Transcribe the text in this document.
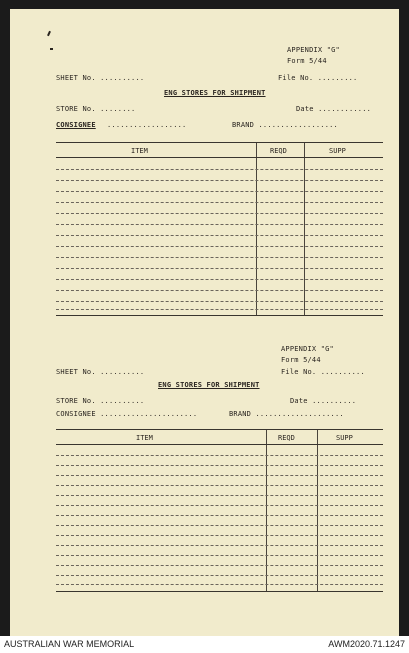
APPENDIX "G"
Form 5/44
SHEET No. ..........	File No. .........
ENG STORES FOR SHIPMENT
STORE No. ........	Date ............
CONSIGNEE ..................	BRAND ..................
ITEM	REQD	SUPP
APPENDIX "G"
Form 5/44
SHEET No. ..........	File No. ..........
ENG STORES FOR SHIPMENT
STORE No. ..........	Date ..........
CONSIGNEE ......................	BRAND ....................
ITEM	REQD	SUPP
AUSTRALIAN WAR MEMORIAL	AWM2020.71.1247
